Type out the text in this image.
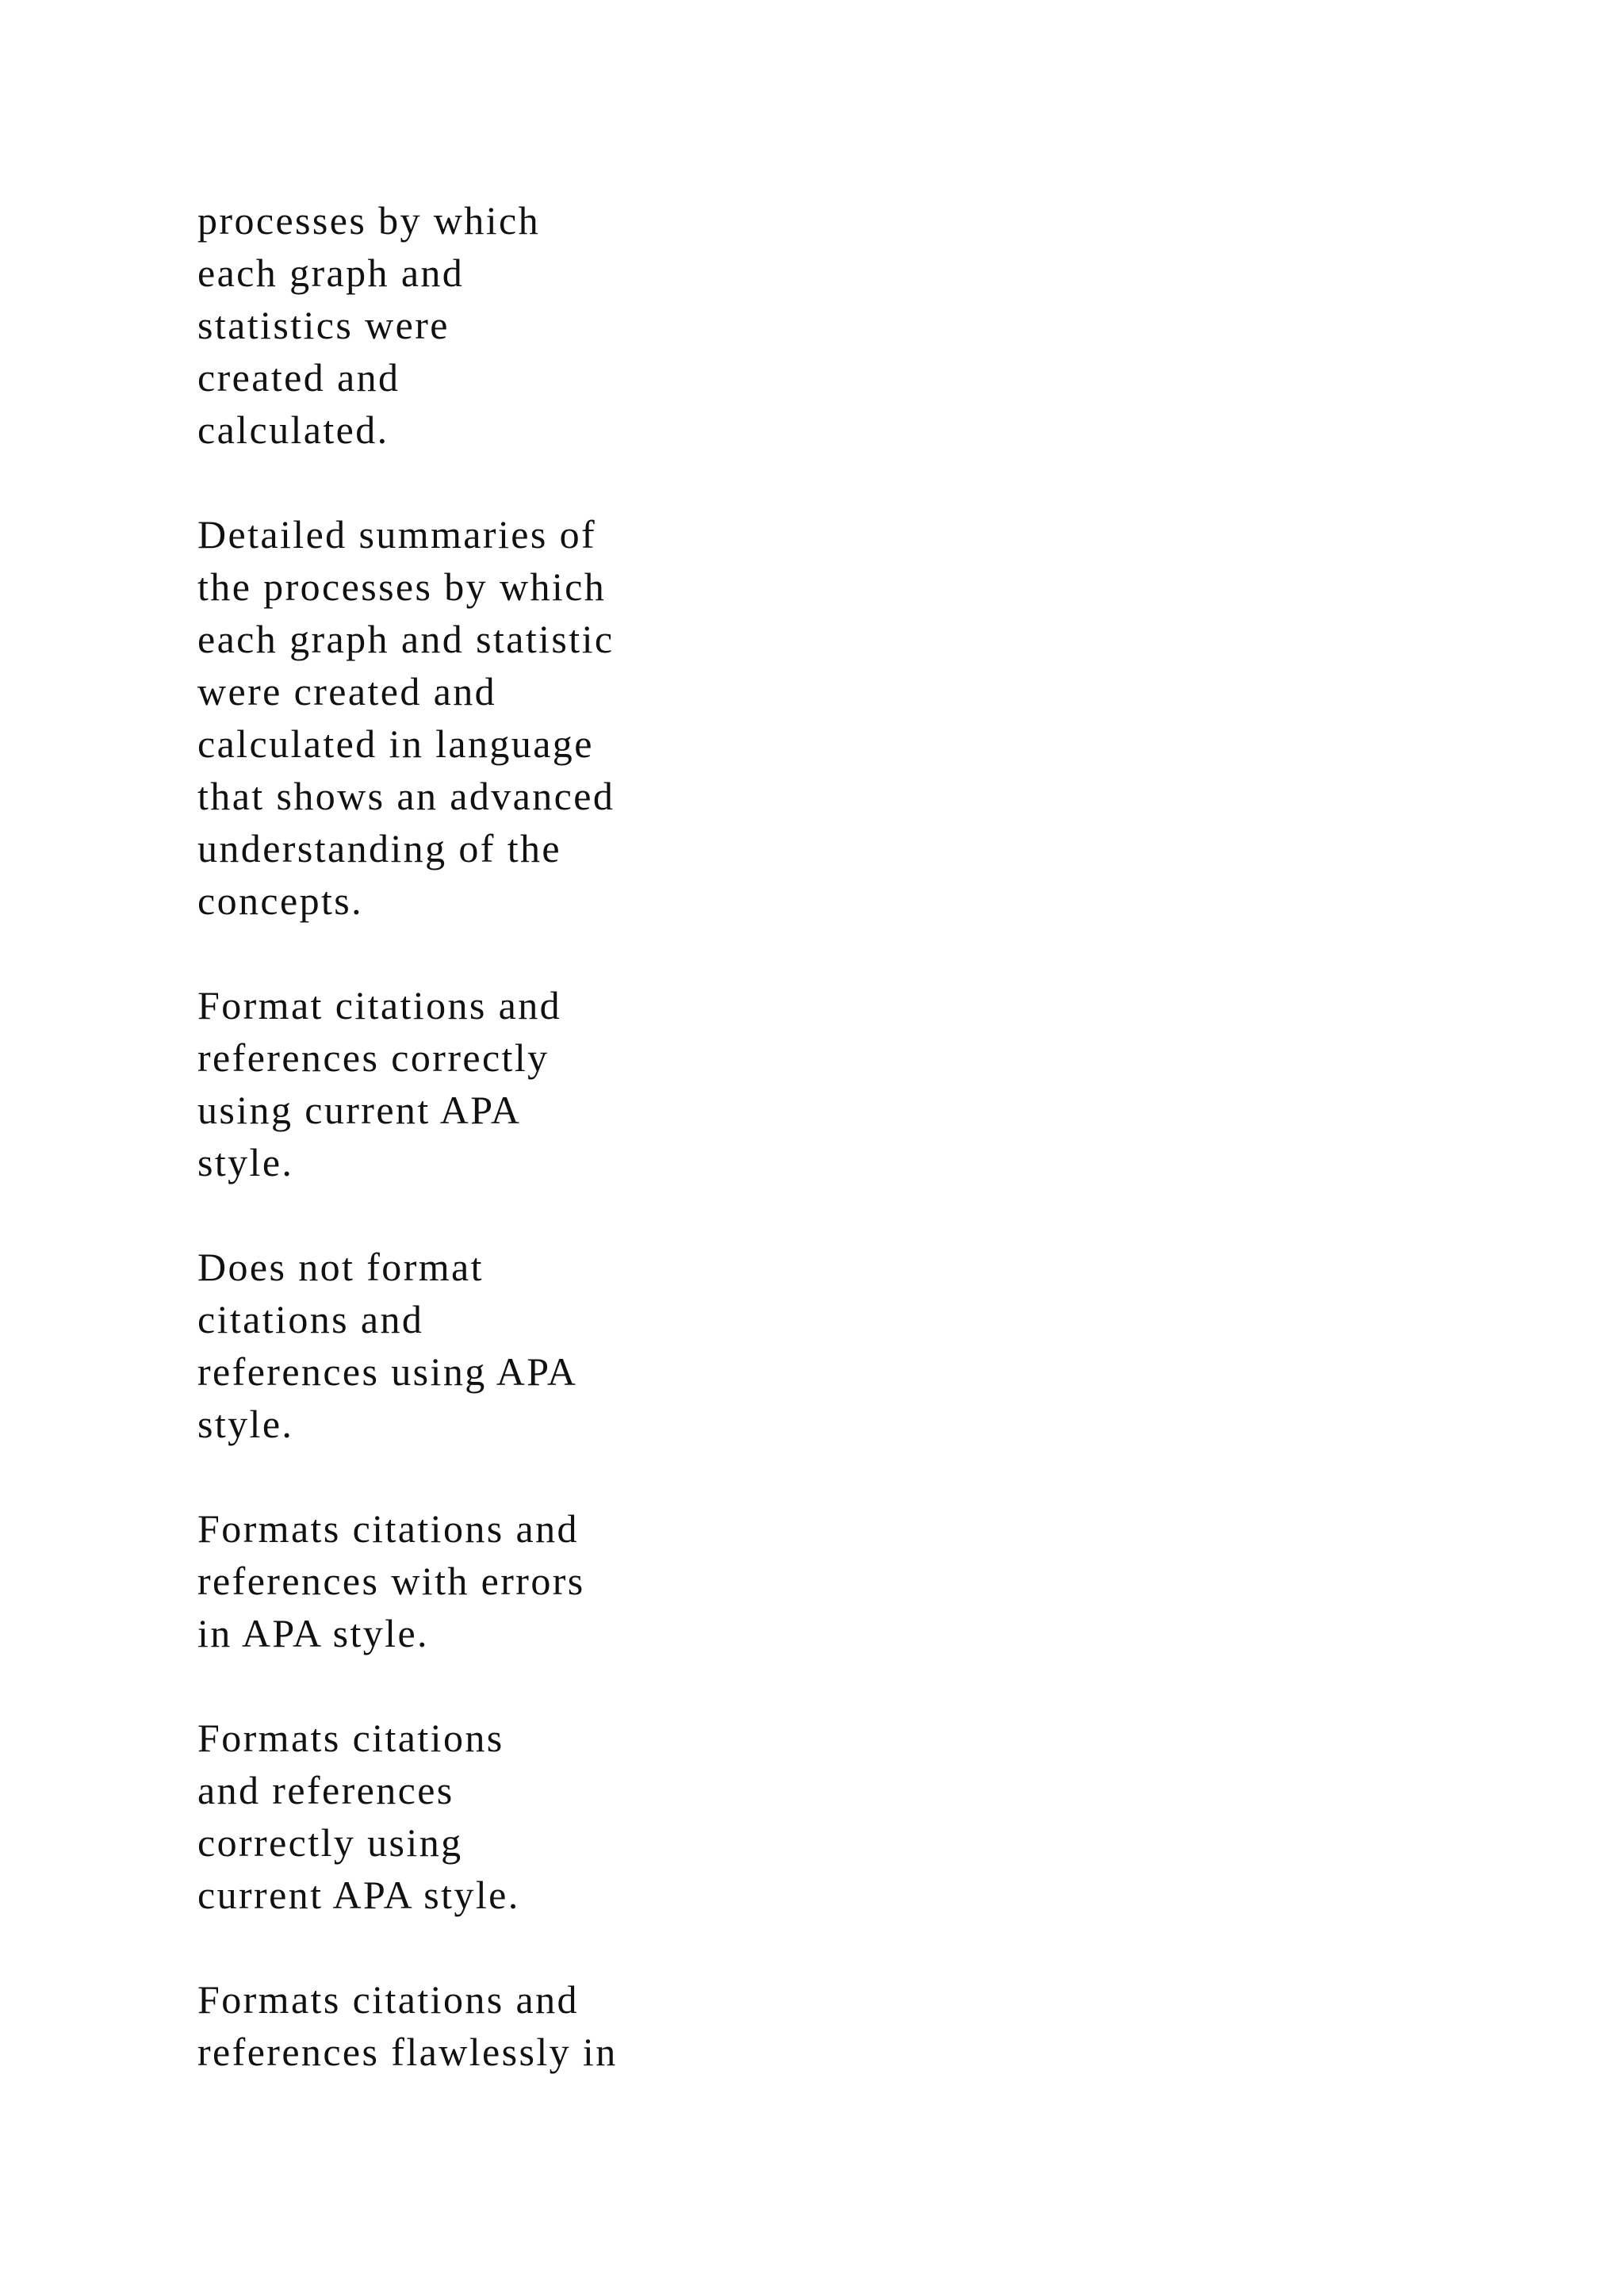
processes by which
each graph and
statistics were
created and
calculated.
Detailed summaries of
the processes by which
each graph and statistic
were created and
calculated in language
that shows an advanced
understanding of the
concepts.
Format citations and
references correctly
using current APA
style.
Does not format
citations and
references using APA
style.
Formats citations and
references with errors
in APA style.
Formats citations
and references
correctly using
current APA style.
Formats citations and
references flawlessly in
